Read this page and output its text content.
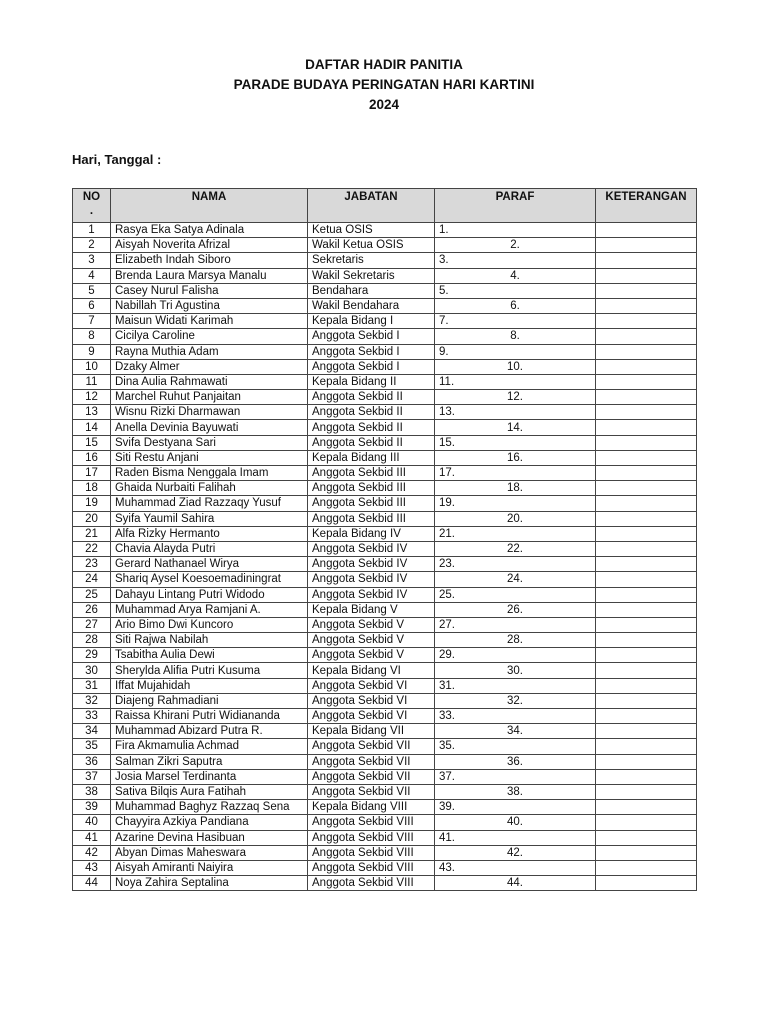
DAFTAR HADIR PANITIA
PARADE BUDAYA PERINGATAN HARI KARTINI
2024
Hari, Tanggal :
NO
.	NAMA	JABATAN	PARAF	KETERANGAN
1	Rasya Eka Satya Adinala	Ketua OSIS	1.	
2	Aisyah Noverita Afrizal	Wakil Ketua OSIS	2.	
3	Elizabeth Indah Siboro	Sekretaris	3.	
4	Brenda Laura Marsya Manalu	Wakil Sekretaris	4.	
5	Casey Nurul Falisha	Bendahara	5.	
6	Nabillah Tri Agustina	Wakil Bendahara	6.	
7	Maisun Widati Karimah	Kepala Bidang I	7.	
8	Cicilya Caroline	Anggota Sekbid I	8.	
9	Rayna Muthia Adam	Anggota Sekbid I	9.	
10	Dzaky Almer	Anggota Sekbid I	10.	
11	Dina Aulia Rahmawati	Kepala Bidang II	11.	
12	Marchel Ruhut Panjaitan	Anggota Sekbid II	12.	
13	Wisnu Rizki Dharmawan	Anggota Sekbid II	13.	
14	Anella Devinia Bayuwati	Anggota Sekbid II	14.	
15	Svifa Destyana Sari	Anggota Sekbid II	15.	
16	Siti Restu Anjani	Kepala Bidang III	16.	
17	Raden Bisma Nenggala Imam	Anggota Sekbid III	17.	
18	Ghaida Nurbaiti Falihah	Anggota Sekbid III	18.	
19	Muhammad Ziad Razzaqy Yusuf	Anggota Sekbid III	19.	
20	Syifa Yaumil Sahira	Anggota Sekbid III	20.	
21	Alfa Rizky Hermanto	Kepala Bidang IV	21.	
22	Chavia Alayda Putri	Anggota Sekbid IV	22.	
23	Gerard Nathanael Wirya	Anggota Sekbid IV	23.	
24	Shariq Aysel Koesoemadiningrat	Anggota Sekbid IV	24.	
25	Dahayu Lintang Putri Widodo	Anggota Sekbid IV	25.	
26	Muhammad Arya Ramjani A.	Kepala Bidang V	26.	
27	Ario Bimo Dwi Kuncoro	Anggota Sekbid V	27.	
28	Siti Rajwa Nabilah	Anggota Sekbid V	28.	
29	Tsabitha Aulia Dewi	Anggota Sekbid V	29.	
30	Sherylda Alifia Putri Kusuma	Kepala Bidang VI	30.	
31	Iffat Mujahidah	Anggota Sekbid VI	31.	
32	Diajeng Rahmadiani	Anggota Sekbid VI	32.	
33	Raissa Khirani Putri Widiananda	Anggota Sekbid VI	33.	
34	Muhammad Abizard Putra R.	Kepala Bidang VII	34.	
35	Fira Akmamulia Achmad	Anggota Sekbid VII	35.	
36	Salman Zikri Saputra	Anggota Sekbid VII	36.	
37	Josia Marsel Terdinanta	Anggota Sekbid VII	37.	
38	Sativa Bilqis Aura Fatihah	Anggota Sekbid VII	38.	
39	Muhammad Baghyz Razzaq Sena	Kepala Bidang VIII	39.	
40	Chayyira Azkiya Pandiana	Anggota Sekbid VIII	40.	
41	Azarine Devina Hasibuan	Anggota Sekbid VIII	41.	
42	Abyan Dimas Maheswara	Anggota Sekbid VIII	42.	
43	Aisyah Amiranti Naiyira	Anggota Sekbid VIII	43.	
44	Noya Zahira Septalina	Anggota Sekbid VIII	44.	
